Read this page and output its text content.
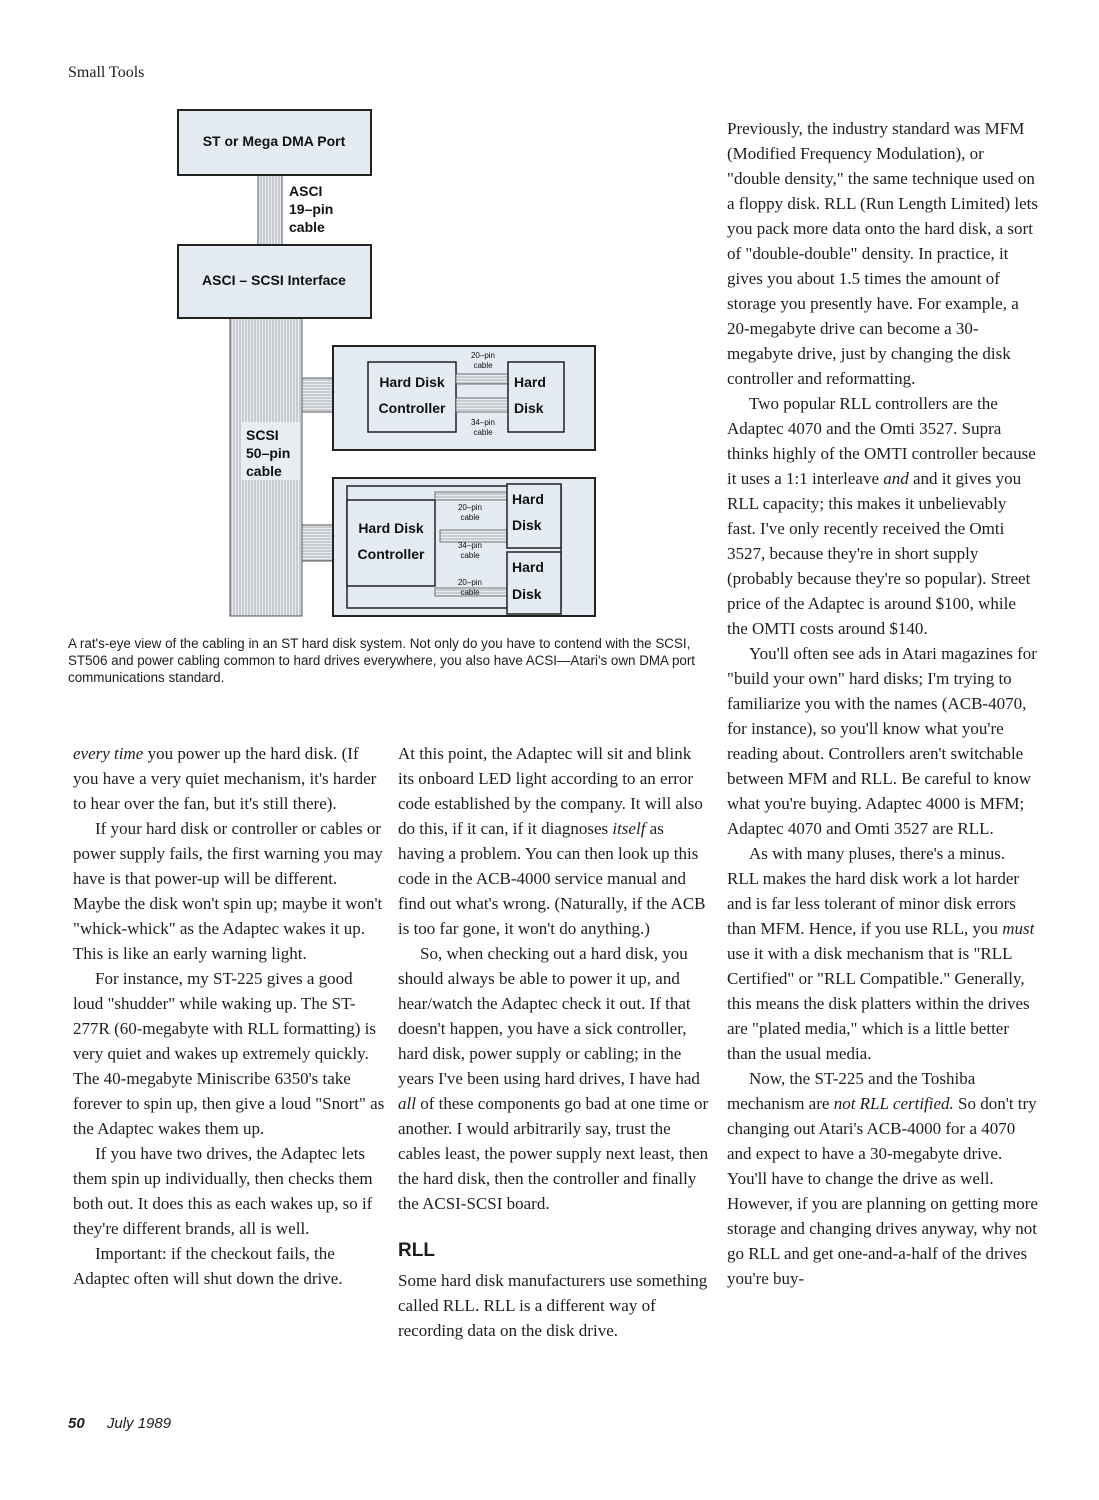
Small Tools
ST or Mega DMA Port
ASCI
19–pin
cable
ASCI – SCSI Interface
SCSI
50–pin
cable
Hard Disk
Controller
20–pin
cable
34–pin
cable
Hard
Disk
Hard Disk
Controller
20–pin
cable
34–pin
cable
20–pin
cable
Hard
Disk
Hard
Disk

A rat's-eye view of the cabling in an ST hard disk system. Not only do you have to contend with the SCSI, ST506 and power cabling common to hard drives everywhere, you also have ACSI—Atari's own DMA port communications standard.

every time you power up the hard disk. (If you have a very quiet mechanism, it's harder to hear over the fan, but it's still there).

If your hard disk or controller or cables or power supply fails, the first warning you may have is that power-up will be different. Maybe the disk won't spin up; maybe it won't "whick-whick" as the Adaptec wakes it up. This is like an early warning light.

For instance, my ST-225 gives a good loud "shudder" while waking up. The ST-277R (60-megabyte with RLL formatting) is very quiet and wakes up extremely quickly. The 40-megabyte Miniscribe 6350's take forever to spin up, then give a loud "Snort" as the Adaptec wakes them up.

If you have two drives, the Adaptec lets them spin up individually, then checks them both out. It does this as each wakes up, so if they're different brands, all is well.

Important: if the checkout fails, the Adaptec often will shut down the drive.

At this point, the Adaptec will sit and blink its onboard LED light according to an error code established by the company. It will also do this, if it can, if it diagnoses itself as having a problem. You can then look up this code in the ACB-4000 service manual and find out what's wrong. (Naturally, if the ACB is too far gone, it won't do anything.)

So, when checking out a hard disk, you should always be able to power it up, and hear/watch the Adaptec check it out. If that doesn't happen, you have a sick controller, hard disk, power supply or cabling; in the years I've been using hard drives, I have had all of these components go bad at one time or another. I would arbitrarily say, trust the cables least, the power supply next least, then the hard disk, then the controller and finally the ACSI-SCSI board.

RLL

Some hard disk manufacturers use something called RLL. RLL is a different way of recording data on the disk drive.

Previously, the industry standard was MFM (Modified Frequency Modulation), or "double density," the same technique used on a floppy disk. RLL (Run Length Limited) lets you pack more data onto the hard disk, a sort of "double-double" density. In practice, it gives you about 1.5 times the amount of storage you presently have. For example, a 20-megabyte drive can become a 30-megabyte drive, just by changing the disk controller and reformatting.

Two popular RLL controllers are the Adaptec 4070 and the Omti 3527. Supra thinks highly of the OMTI controller because it uses a 1:1 interleave and and it gives you RLL capacity; this makes it unbelievably fast. I've only recently received the Omti 3527, because they're in short supply (probably because they're so popular). Street price of the Adaptec is around $100, while the OMTI costs around $140.

You'll often see ads in Atari magazines for "build your own" hard disks; I'm trying to familiarize you with the names (ACB-4070, for instance), so you'll know what you're reading about. Controllers aren't switchable between MFM and RLL. Be careful to know what you're buying. Adaptec 4000 is MFM; Adaptec 4070 and Omti 3527 are RLL.

As with many pluses, there's a minus. RLL makes the hard disk work a lot harder and is far less tolerant of minor disk errors than MFM. Hence, if you use RLL, you must use it with a disk mechanism that is "RLL Certified" or "RLL Compatible." Generally, this means the disk platters within the drives are "plated media," which is a little better than the usual media.

Now, the ST-225 and the Toshiba mechanism are not RLL certified. So don't try changing out Atari's ACB-4000 for a 4070 and expect to have a 30-megabyte drive. You'll have to change the drive as well. However, if you are planning on getting more storage and changing drives anyway, why not go RLL and get one-and-a-half of the drives you're buy-

50 July 1989
